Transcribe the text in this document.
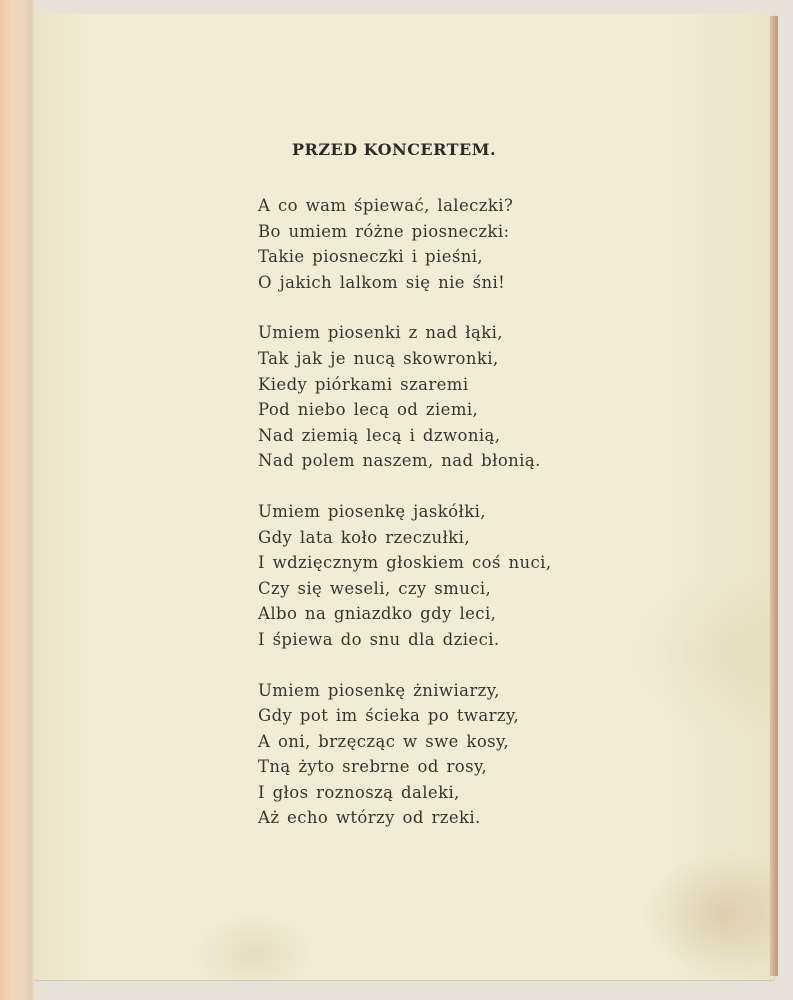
PRZED KONCERTEM.
A co wam śpiewać, laleczki?
Bo umiem różne piosneczki:
Takie piosneczki i pieśni,
O jakich lalkom się nie śni!
Umiem piosenki z nad łąki,
Tak jak je nucą skowronki,
Kiedy piórkami szaremi
Pod niebo lecą od ziemi,
Nad ziemią lecą i dzwonią,
Nad polem naszem, nad błonią.
Umiem piosenkę jaskółki,
Gdy lata koło rzeczułki,
I wdzięcznym głoskiem coś nuci,
Czy się weseli, czy smuci,
Albo na gniazdko gdy leci,
I śpiewa do snu dla dzieci.
Umiem piosenkę żniwiarzy,
Gdy pot im ścieka po twarzy,
A oni, brzęcząc w swe kosy,
Tną żyto srebrne od rosy,
I głos roznoszą daleki,
Aż echo wtórzy od rzeki.
